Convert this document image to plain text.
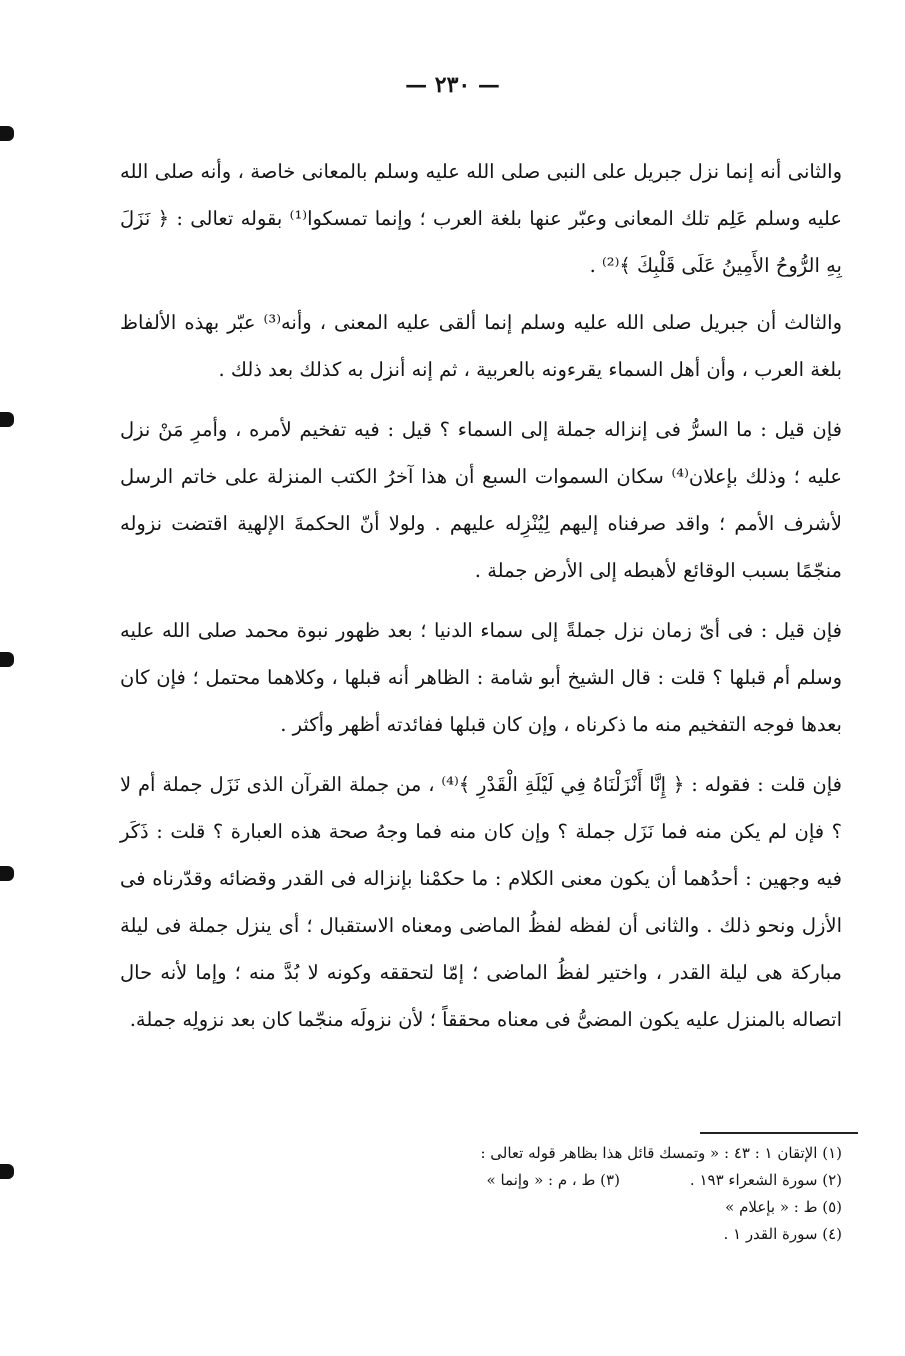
— ٢٣٠ —

والثانى أنه إنما نزل جبريل على النبى صلى الله عليه وسلم بالمعانى خاصة ، وأنه صلى الله عليه وسلم عَلِم تلك المعانى وعبّر عنها بلغة العرب ؛ وإنما تمسكوا⁽¹⁾ بقوله تعالى : ﴿ نَزَلَ بِهِ الرُّوحُ الأَمِينُ عَلَى قَلْبِكَ ﴾⁽²⁾ .

والثالث أن جبريل صلى الله عليه وسلم إنما ألقى عليه المعنى ، وأنه⁽³⁾ عبّر بهذه الألفاظ بلغة العرب ، وأن أهل السماء يقرءونه بالعربية ، ثم إنه أنزل به كذلك بعد ذلك .

فإن قيل : ما السرُّ فى إنزاله جملة إلى السماء ؟ قيل : فيه تفخيم لأمره ، وأمرِ مَنْ نزل عليه ؛ وذلك بإعلان⁽⁴⁾ سكان السموات السبع أن هذا آخرُ الكتب المنزلة على خاتم الرسل لأشرف الأمم ؛ واقد صرفناه إليهم لِيُنْزِله عليهم . ولولا أنّ الحكمةَ الإلهية اقتضت نزوله منجّمًا بسبب الوقائع لأهبطه إلى الأرض جملة .

فإن قيل : فى أىّ زمان نزل جملةً إلى سماء الدنيا ؛ بعد ظهور نبوة محمد صلى الله عليه وسلم أم قبلها ؟ قلت : قال الشيخ أبو شامة : الظاهر أنه قبلها ، وكلاهما محتمل ؛ فإن كان بعدها فوجه التفخيم منه ما ذكرناه ، وإن كان قبلها ففائدته أظهر وأكثر .

فإن قلت : فقوله : ﴿ إِنَّا أَنْزَلْنَاهُ فِي لَيْلَةِ الْقَدْرِ ﴾⁽⁴⁾ ، من جملة القرآن الذى نَزَل جملة أم لا ؟ فإن لم يكن منه فما نَزَل جملة ؟ وإن كان منه فما وجهُ صحة هذه العبارة ؟ قلت : ذَكَر فيه وجهين : أحدُهما أن يكون معنى الكلام : ما حكمْنا بإنزاله فى القدر وقضائه وقدّرناه فى الأزل ونحو ذلك . والثانى أن لفظه لفظُ الماضى ومعناه الاستقبال ؛ أى ينزل جملة فى ليلة مباركة هى ليلة القدر ، واختير لفظُ الماضى ؛ إمّا لتحققه وكونه لا بُدَّ منه ؛ وإما لأنه حال اتصاله بالمنزل عليه يكون المضىُّ فى معناه محققاً ؛ لأن نزولَه منجّما كان بعد نزولِه جملة.

(١) الإتقان ١ : ٤٣ : « وتمسك قائل هذا بظاهر قوله تعالى :
(٢) سورة الشعراء ١٩٣ .
(٣) ط ، م : « وإنما »
(٥) ط : « بإعلام »
(٤) سورة القدر ١ .
